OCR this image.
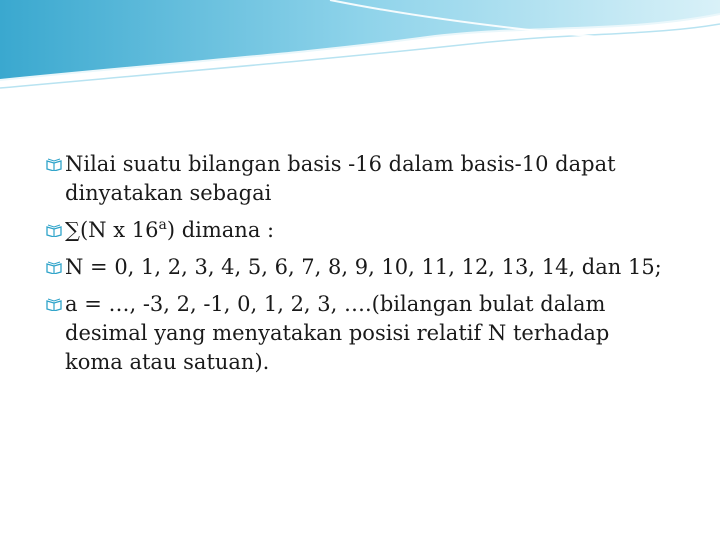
Nilai suatu bilangan basis -16 dalam basis-10 dapat dinyatakan sebagai
∑(N x 16$^a$) dimana :
N = 0, 1, 2, 3, 4, 5, 6, 7, 8, 9, 10, 11, 12, 13, 14, dan 15;
a = …, -3, 2, -1, 0, 1, 2, 3, ….(bilangan bulat dalam desimal yang menyatakan posisi relatif N terhadap koma atau satuan).
